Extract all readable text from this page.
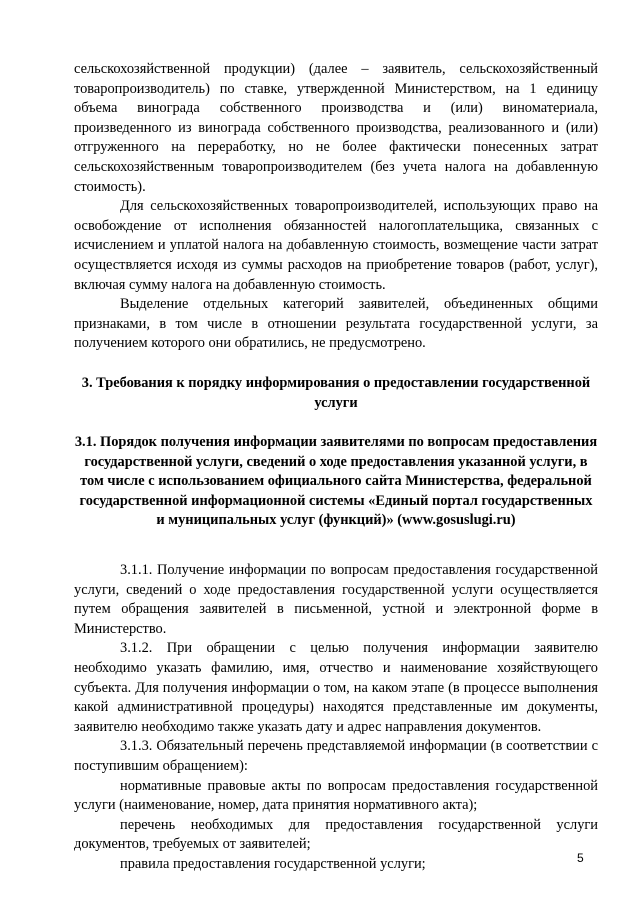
сельскохозяйственной продукции) (далее – заявитель, сельскохозяйственный товаропроизводитель) по ставке, утвержденной Министерством, на 1 единицу объема винограда собственного производства и (или) виноматериала, произведенного из винограда собственного производства, реализованного и (или) отгруженного на переработку, но не более фактически понесенных затрат сельскохозяйственным товаропроизводителем (без учета налога на добавленную стоимость).

Для сельскохозяйственных товаропроизводителей, использующих право на освобождение от исполнения обязанностей налогоплательщика, связанных с исчислением и уплатой налога на добавленную стоимость, возмещение части затрат осуществляется исходя из суммы расходов на приобретение товаров (работ, услуг), включая сумму налога на добавленную стоимость.

Выделение отдельных категорий заявителей, объединенных общими признаками, в том числе в отношении результата государственной услуги, за получением которого они обратились, не предусмотрено.

3. Требования к порядку информирования о предоставлении государственной услуги
3.1. Порядок получения информации заявителями по вопросам предоставления государственной услуги, сведений о ходе предоставления указанной услуги, в том числе с использованием официального сайта Министерства, федеральной государственной информационной системы «Единый портал государственных и муниципальных услуг (функций)» (www.gosuslugi.ru)

3.1.1. Получение информации по вопросам предоставления государственной услуги, сведений о ходе предоставления государственной услуги осуществляется путем обращения заявителей в письменной, устной и электронной форме в Министерство.

3.1.2. При обращении с целью получения информации заявителю необходимо указать фамилию, имя, отчество и наименование хозяйствующего субъекта. Для получения информации о том, на каком этапе (в процессе выполнения какой административной процедуры) находятся представленные им документы, заявителю необходимо также указать дату и адрес направления документов.

3.1.3. Обязательный перечень представляемой информации (в соответствии с поступившим обращением):

нормативные правовые акты по вопросам предоставления государственной услуги (наименование, номер, дата принятия нормативного акта);

перечень необходимых для предоставления государственной услуги документов, требуемых от заявителей;

правила предоставления государственной услуги;	5
